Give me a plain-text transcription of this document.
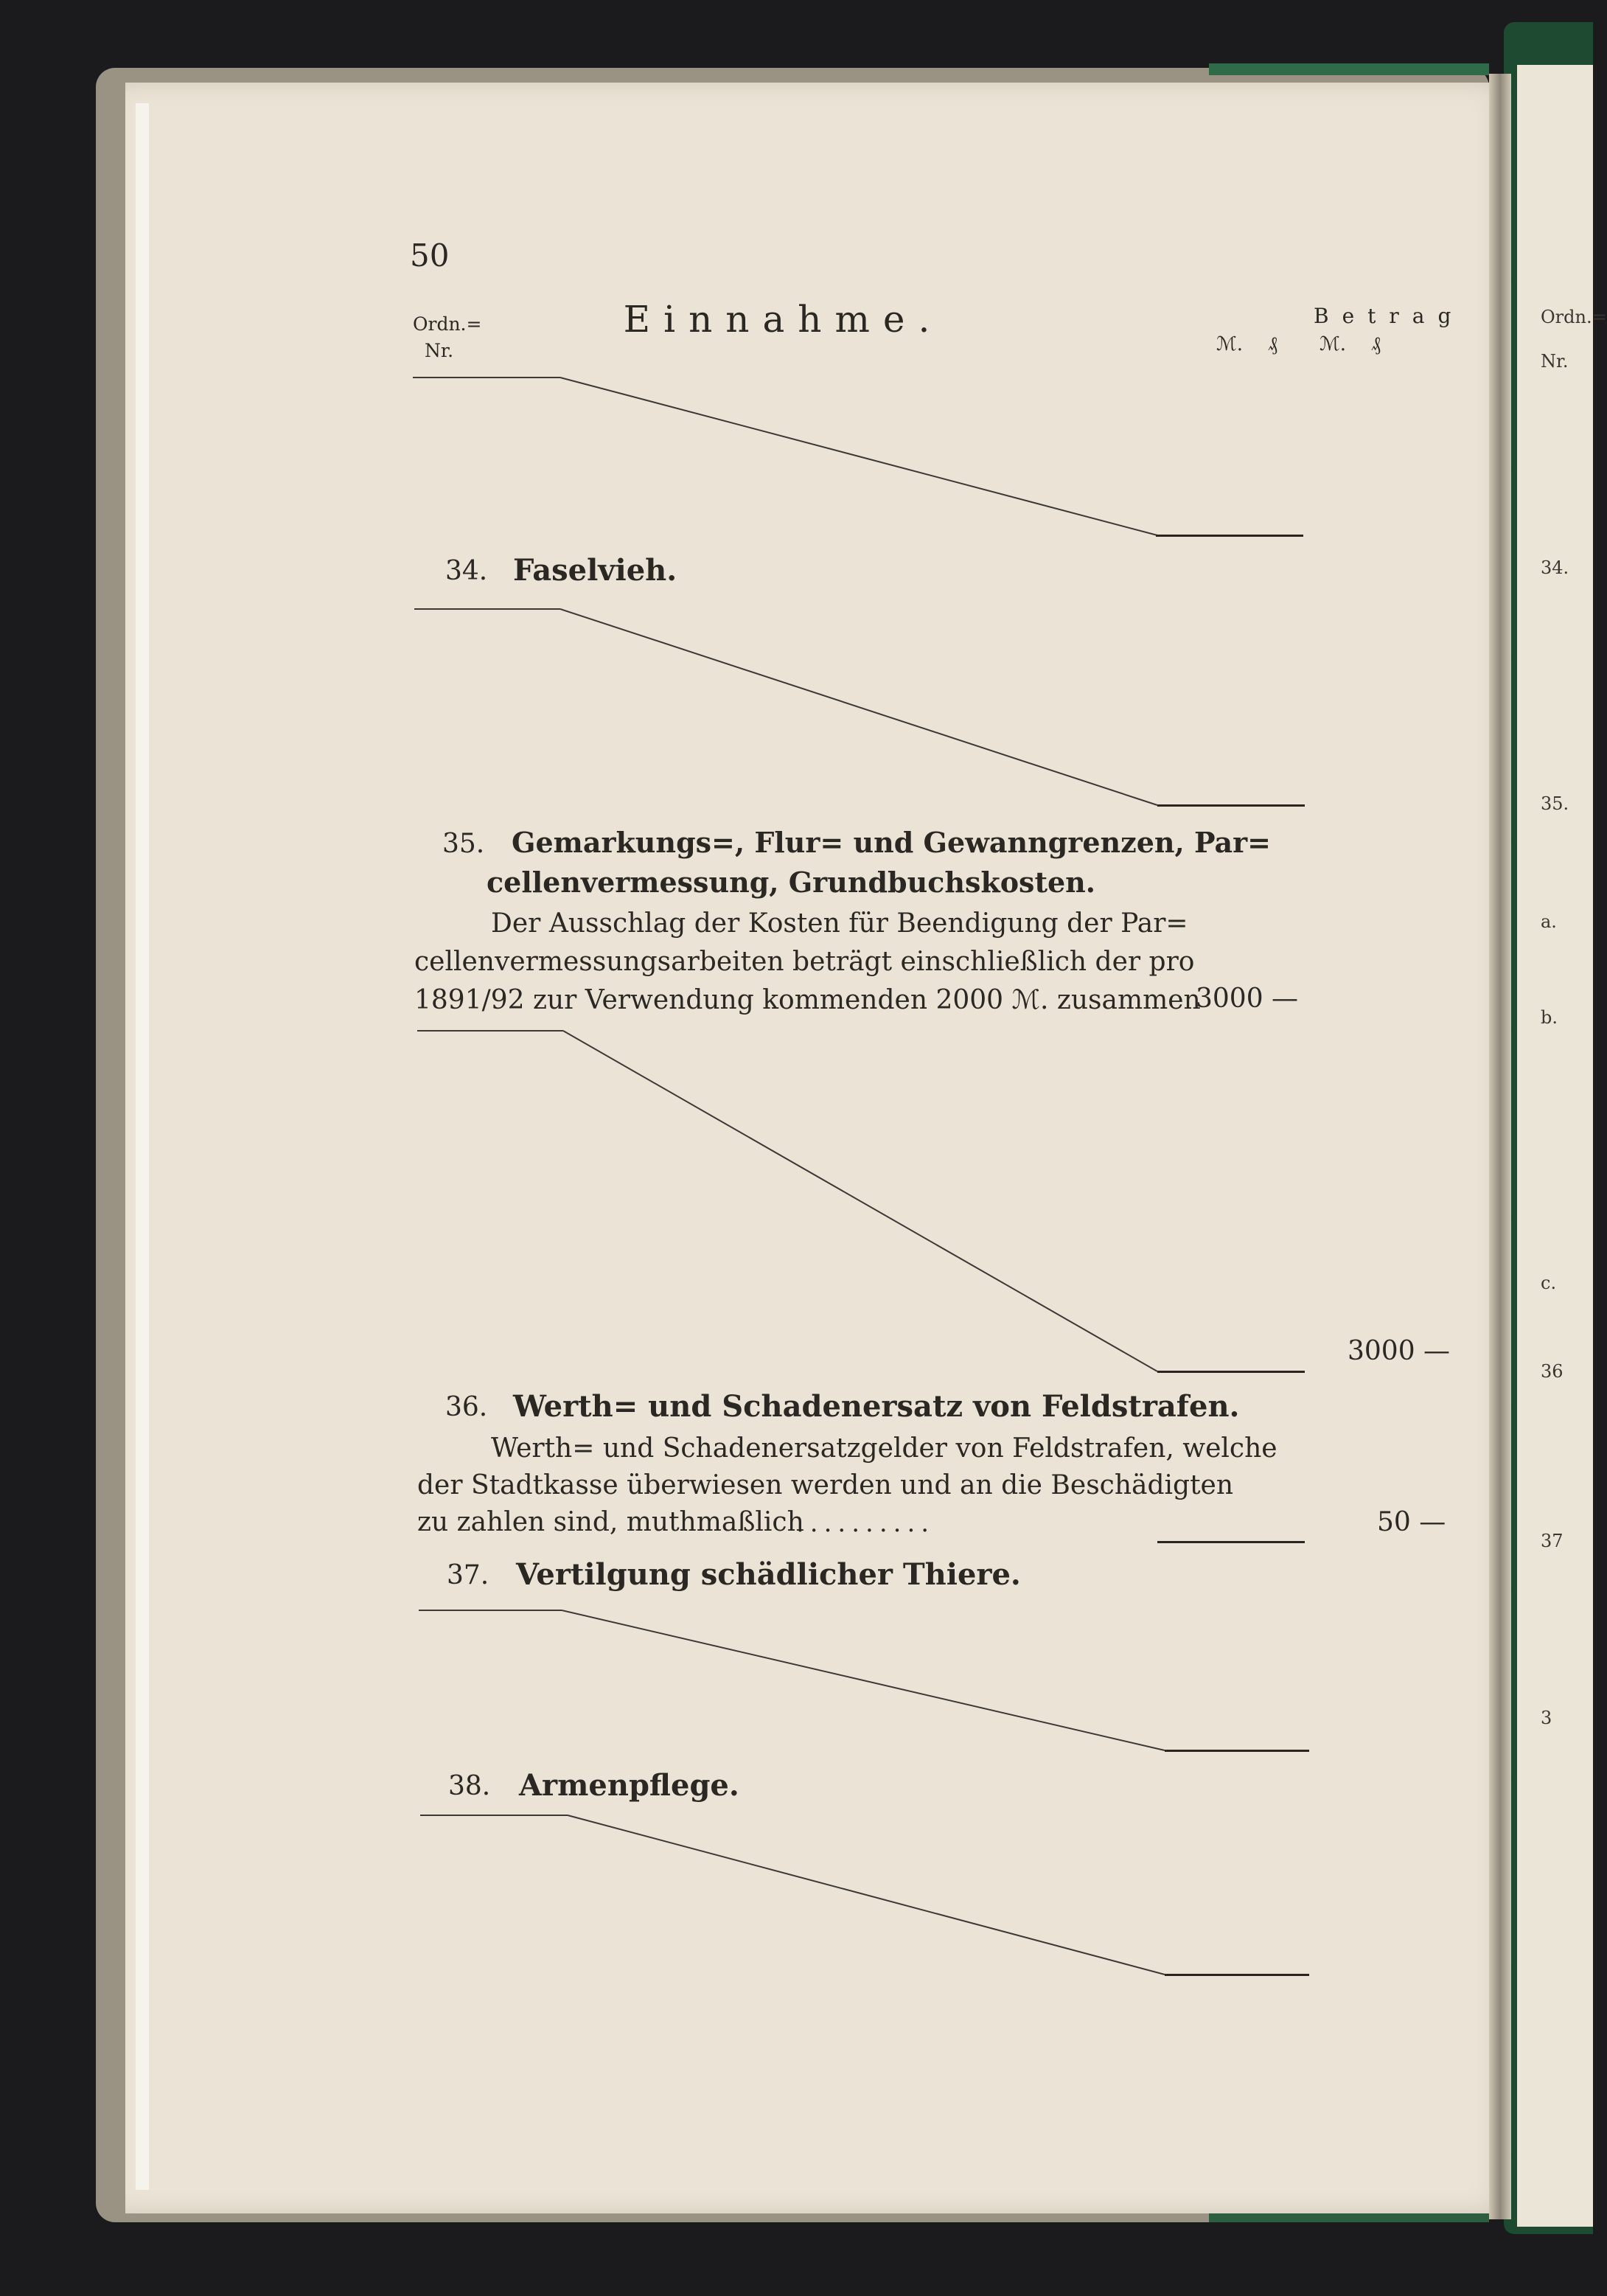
Ordn.=
Nr.
34.
35.
a.
b.
c.
36
37
3
50
Ordn.=
Nr.
Einnahme.	Betrag
ℳ. ₰ ℳ. ₰
34. Faselvieh.
35. Gemarkungs=, Flur= und Gewanngrenzen, Par=
cellenvermessung, Grundbuchskosten.
Der Ausschlag der Kosten für Beendigung der Par=
cellenvermessungsarbeiten beträgt einschließlich der pro
1891/92 zur Verwendung kommenden 2000 ℳ. zusammen
3000 —
3000 —
36. Werth= und Schadenersatz von Feldstrafen.
Werth= und Schadenersatzgelder von Feldstrafen, welche
der Stadtkasse überwiesen werden und an die Beschädigten
zu zahlen sind, muthmaßlich
..........	50 —
37. Vertilgung schädlicher Thiere.
38. Armenpflege.
